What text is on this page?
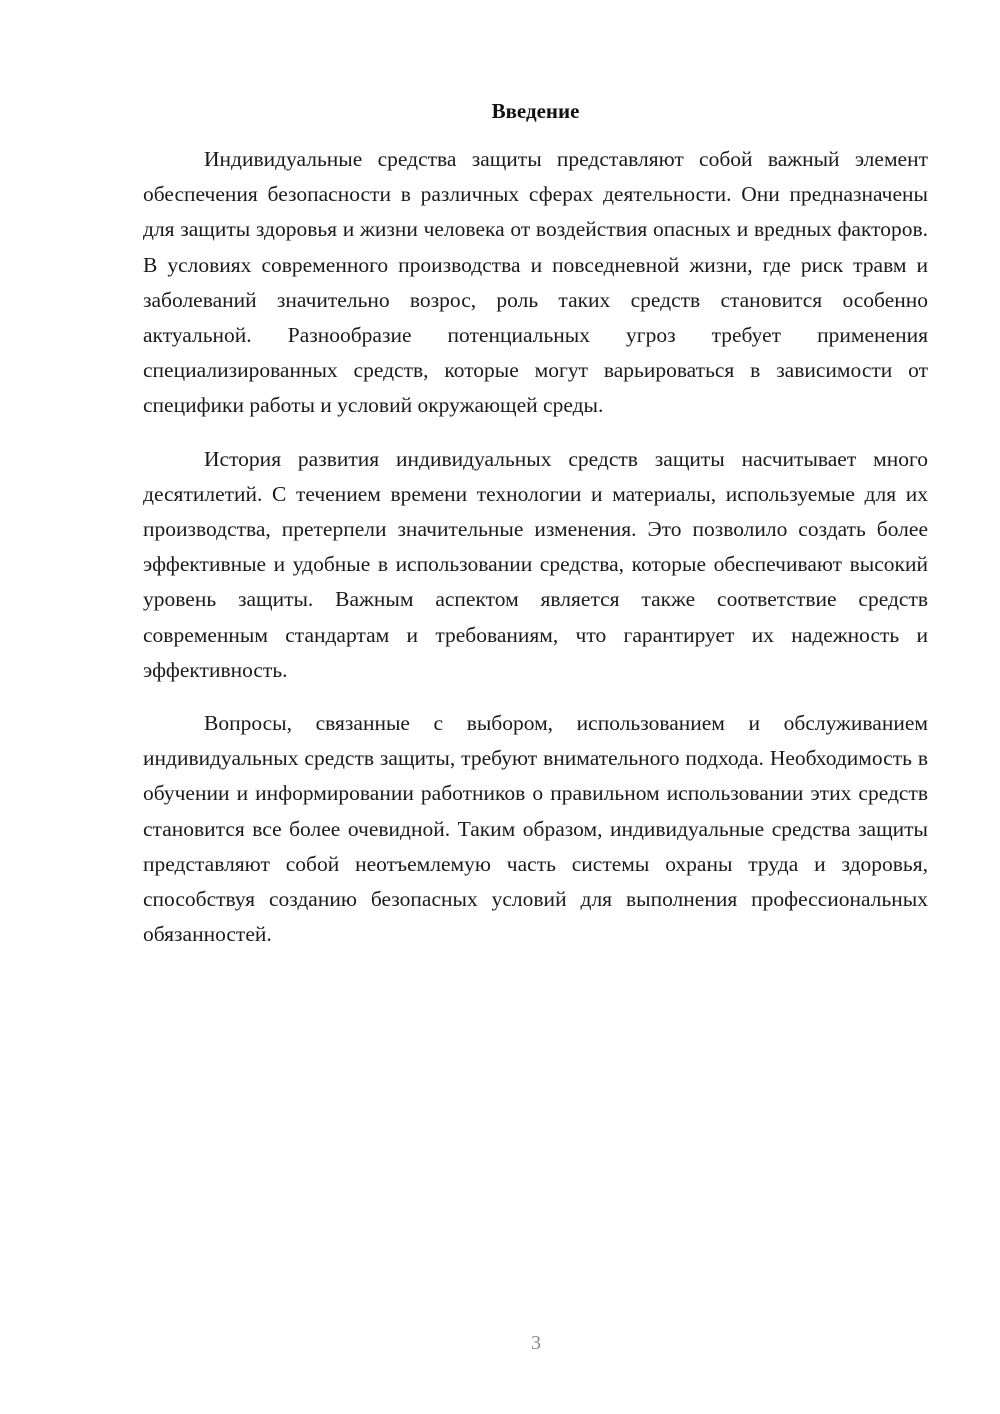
Введение

Индивидуальные средства защиты представляют собой важный элемент обеспечения безопасности в различных сферах деятельности. Они предназначены для защиты здоровья и жизни человека от воздействия опасных и вредных факторов. В условиях современного производства и повседневной жизни, где риск травм и заболеваний значительно возрос, роль таких средств становится особенно актуальной. Разнообразие потенциальных угроз требует применения специализированных средств, которые могут варьироваться в зависимости от специфики работы и условий окружающей среды.

История развития индивидуальных средств защиты насчитывает много десятилетий. С течением времени технологии и материалы, используемые для их производства, претерпели значительные изменения. Это позволило создать более эффективные и удобные в использовании средства, которые обеспечивают высокий уровень защиты. Важным аспектом является также соответствие средств современным стандартам и требованиям, что гарантирует их надежность и эффективность.

Вопросы, связанные с выбором, использованием и обслуживанием индивидуальных средств защиты, требуют внимательного подхода. Необходимость в обучении и информировании работников о правильном использовании этих средств становится все более очевидной. Таким образом, индивидуальные средства защиты представляют собой неотъемлемую часть системы охраны труда и здоровья, способствуя созданию безопасных условий для выполнения профессиональных обязанностей.

3
